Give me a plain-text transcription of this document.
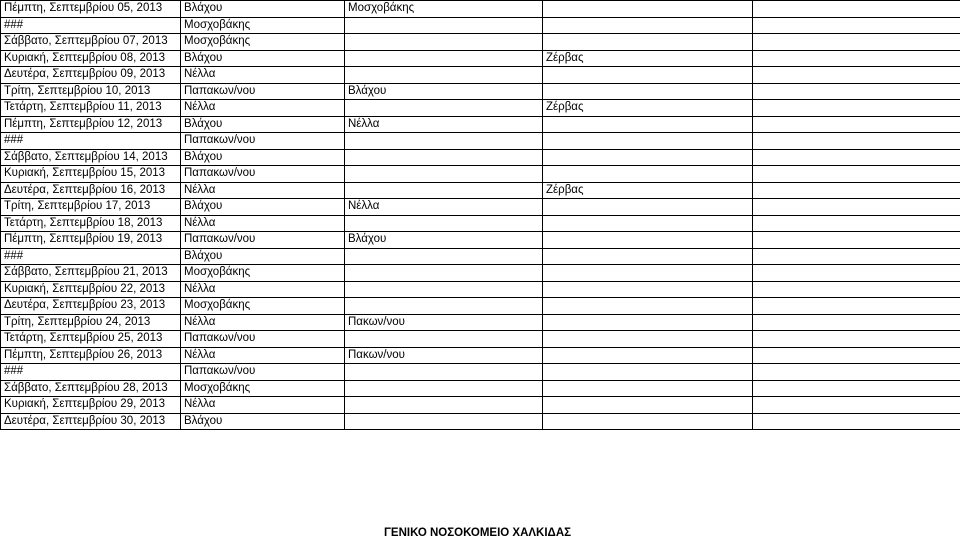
Πέμπτη, Σεπτεμβρίου 05, 2013	Βλάχου	Μοσχοβάκης		
###	Μοσχοβάκης			
Σάββατο, Σεπτεμβρίου 07, 2013	Μοσχοβάκης			
Κυριακή, Σεπτεμβρίου 08, 2013	Βλάχου		Ζέρβας	
Δευτέρα, Σεπτεμβρίου 09, 2013	Νέλλα			
Τρίτη, Σεπτεμβρίου 10, 2013	Παπακων/νου	Βλάχου		
Τετάρτη, Σεπτεμβρίου 11, 2013	Νέλλα		Ζέρβας	
Πέμπτη, Σεπτεμβρίου 12, 2013	Βλάχου	Νέλλα		
###	Παπακων/νου			
Σάββατο, Σεπτεμβρίου 14, 2013	Βλάχου			
Κυριακή, Σεπτεμβρίου 15, 2013	Παπακων/νου			
Δευτέρα, Σεπτεμβρίου 16, 2013	Νέλλα		Ζέρβας	
Τρίτη, Σεπτεμβρίου 17, 2013	Βλάχου	Νέλλα		
Τετάρτη, Σεπτεμβρίου 18, 2013	Νέλλα			
Πέμπτη, Σεπτεμβρίου 19, 2013	Παπακων/νου	Βλάχου		
###	Βλάχου			
Σάββατο, Σεπτεμβρίου 21, 2013	Μοσχοβάκης			
Κυριακή, Σεπτεμβρίου 22, 2013	Νέλλα			
Δευτέρα, Σεπτεμβρίου 23, 2013	Μοσχοβάκης			
Τρίτη, Σεπτεμβρίου 24, 2013	Νέλλα	Πακων/νου		
Τετάρτη, Σεπτεμβρίου 25, 2013	Παπακων/νου			
Πέμπτη, Σεπτεμβρίου 26, 2013	Νέλλα	Πακων/νου		
###	Παπακων/νου			
Σάββατο, Σεπτεμβρίου 28, 2013	Μοσχοβάκης			
Κυριακή, Σεπτεμβρίου 29, 2013	Νέλλα			
Δευτέρα, Σεπτεμβρίου 30, 2013	Βλάχου			
ΓΕΝΙΚΟ ΝΟΣΟΚΟΜΕΙΟ ΧΑΛΚΙΔΑΣ
